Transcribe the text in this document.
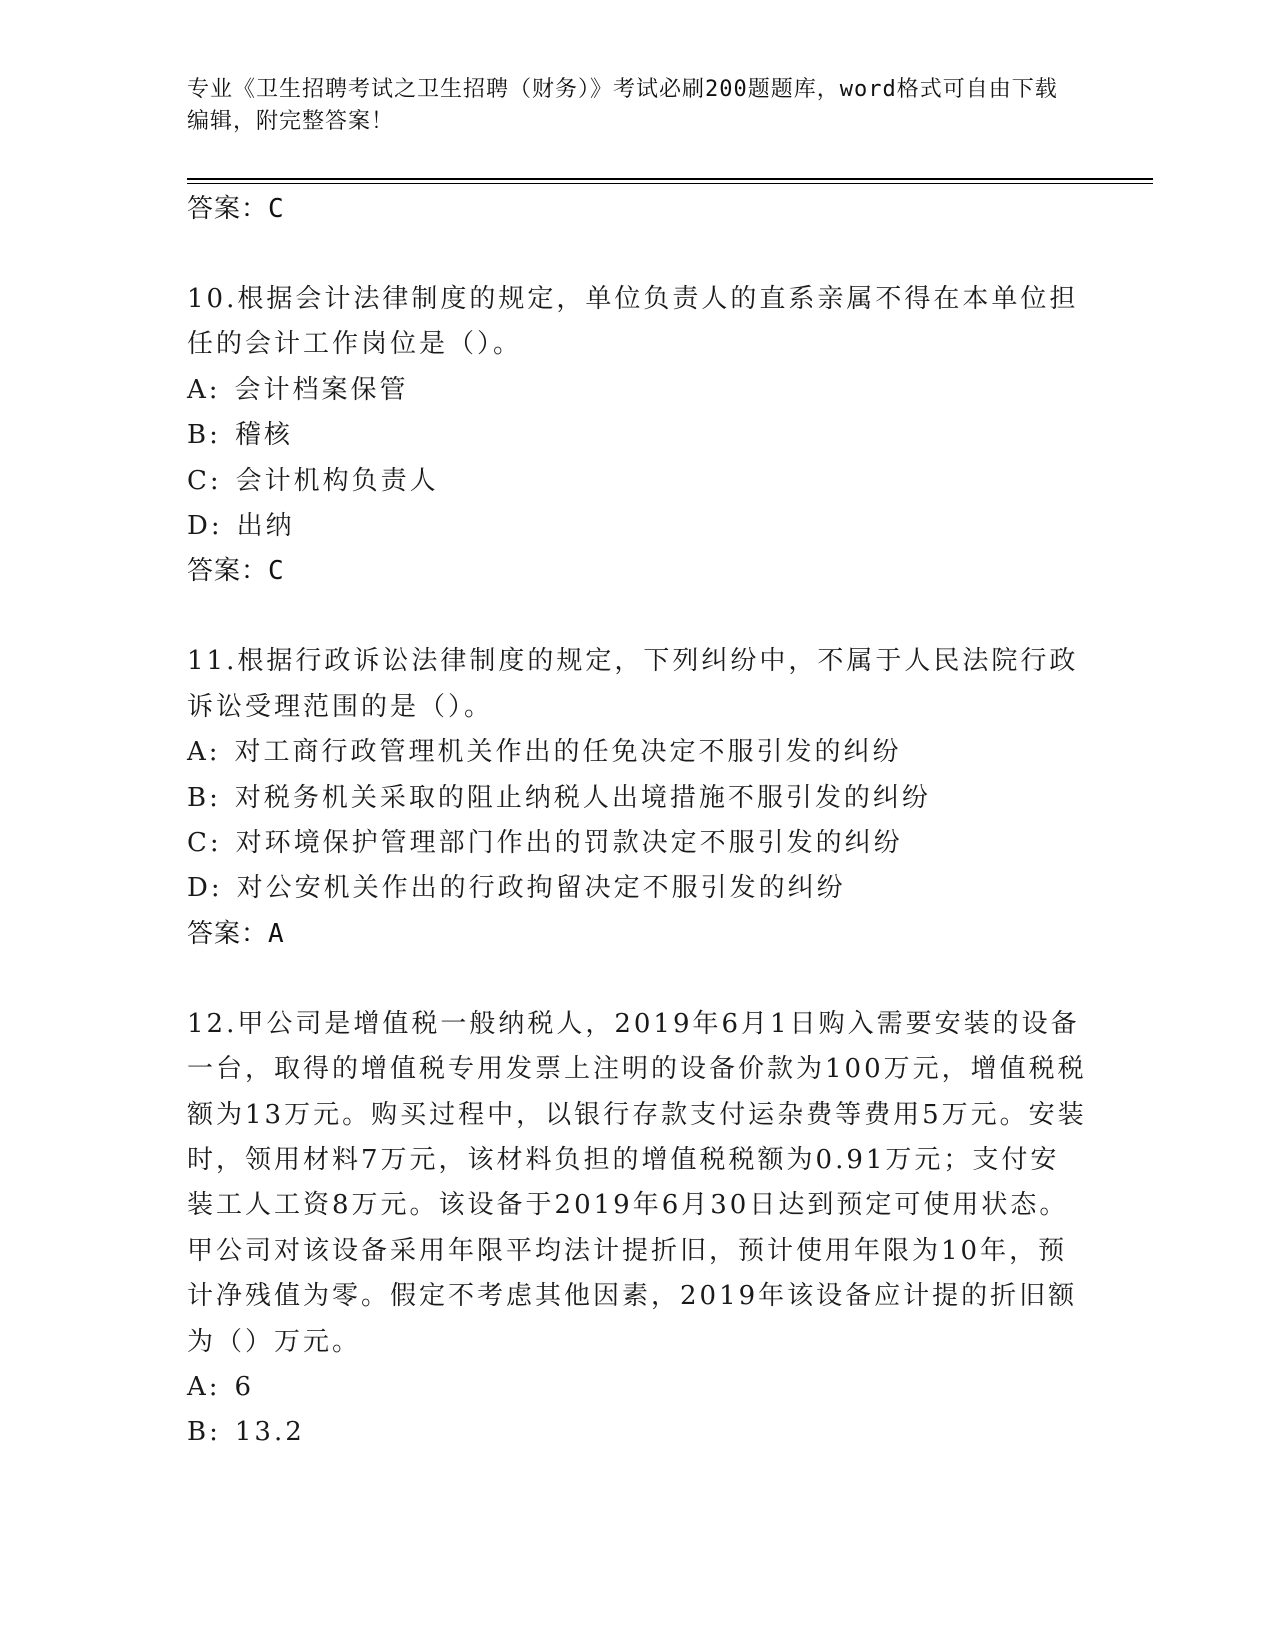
专业《卫生招聘考试之卫生招聘（财务）》考试必刷200题题库，word格式可自由下载编辑，附完整答案！
答案：C

10.根据会计法律制度的规定，单位负责人的直系亲属不得在本单位担任的会计工作岗位是（）。

A: 会计档案保管
B: 稽核
C: 会计机构负责人
D: 出纳
答案：C

11.根据行政诉讼法律制度的规定，下列纠纷中，不属于人民法院行政诉讼受理范围的是（）。

A: 对工商行政管理机关作出的任免决定不服引发的纠纷
B: 对税务机关采取的阻止纳税人出境措施不服引发的纠纷
C: 对环境保护管理部门作出的罚款决定不服引发的纠纷
D: 对公安机关作出的行政拘留决定不服引发的纠纷
答案：A

12.甲公司是增值税一般纳税人，2019年6月1日购入需要安装的设备一台，取得的增值税专用发票上注明的设备价款为100万元，增值税税额为13万元。购买过程中，以银行存款支付运杂费等费用5万元。安装时，领用材料7万元，该材料负担的增值税税额为0.91万元；支付安装工人工资8万元。该设备于2019年6月30日达到预定可使用状态。甲公司对该设备采用年限平均法计提折旧，预计使用年限为10年，预计净残值为零。假定不考虑其他因素，2019年该设备应计提的折旧额为（）万元。

A: 6
B: 13.2
